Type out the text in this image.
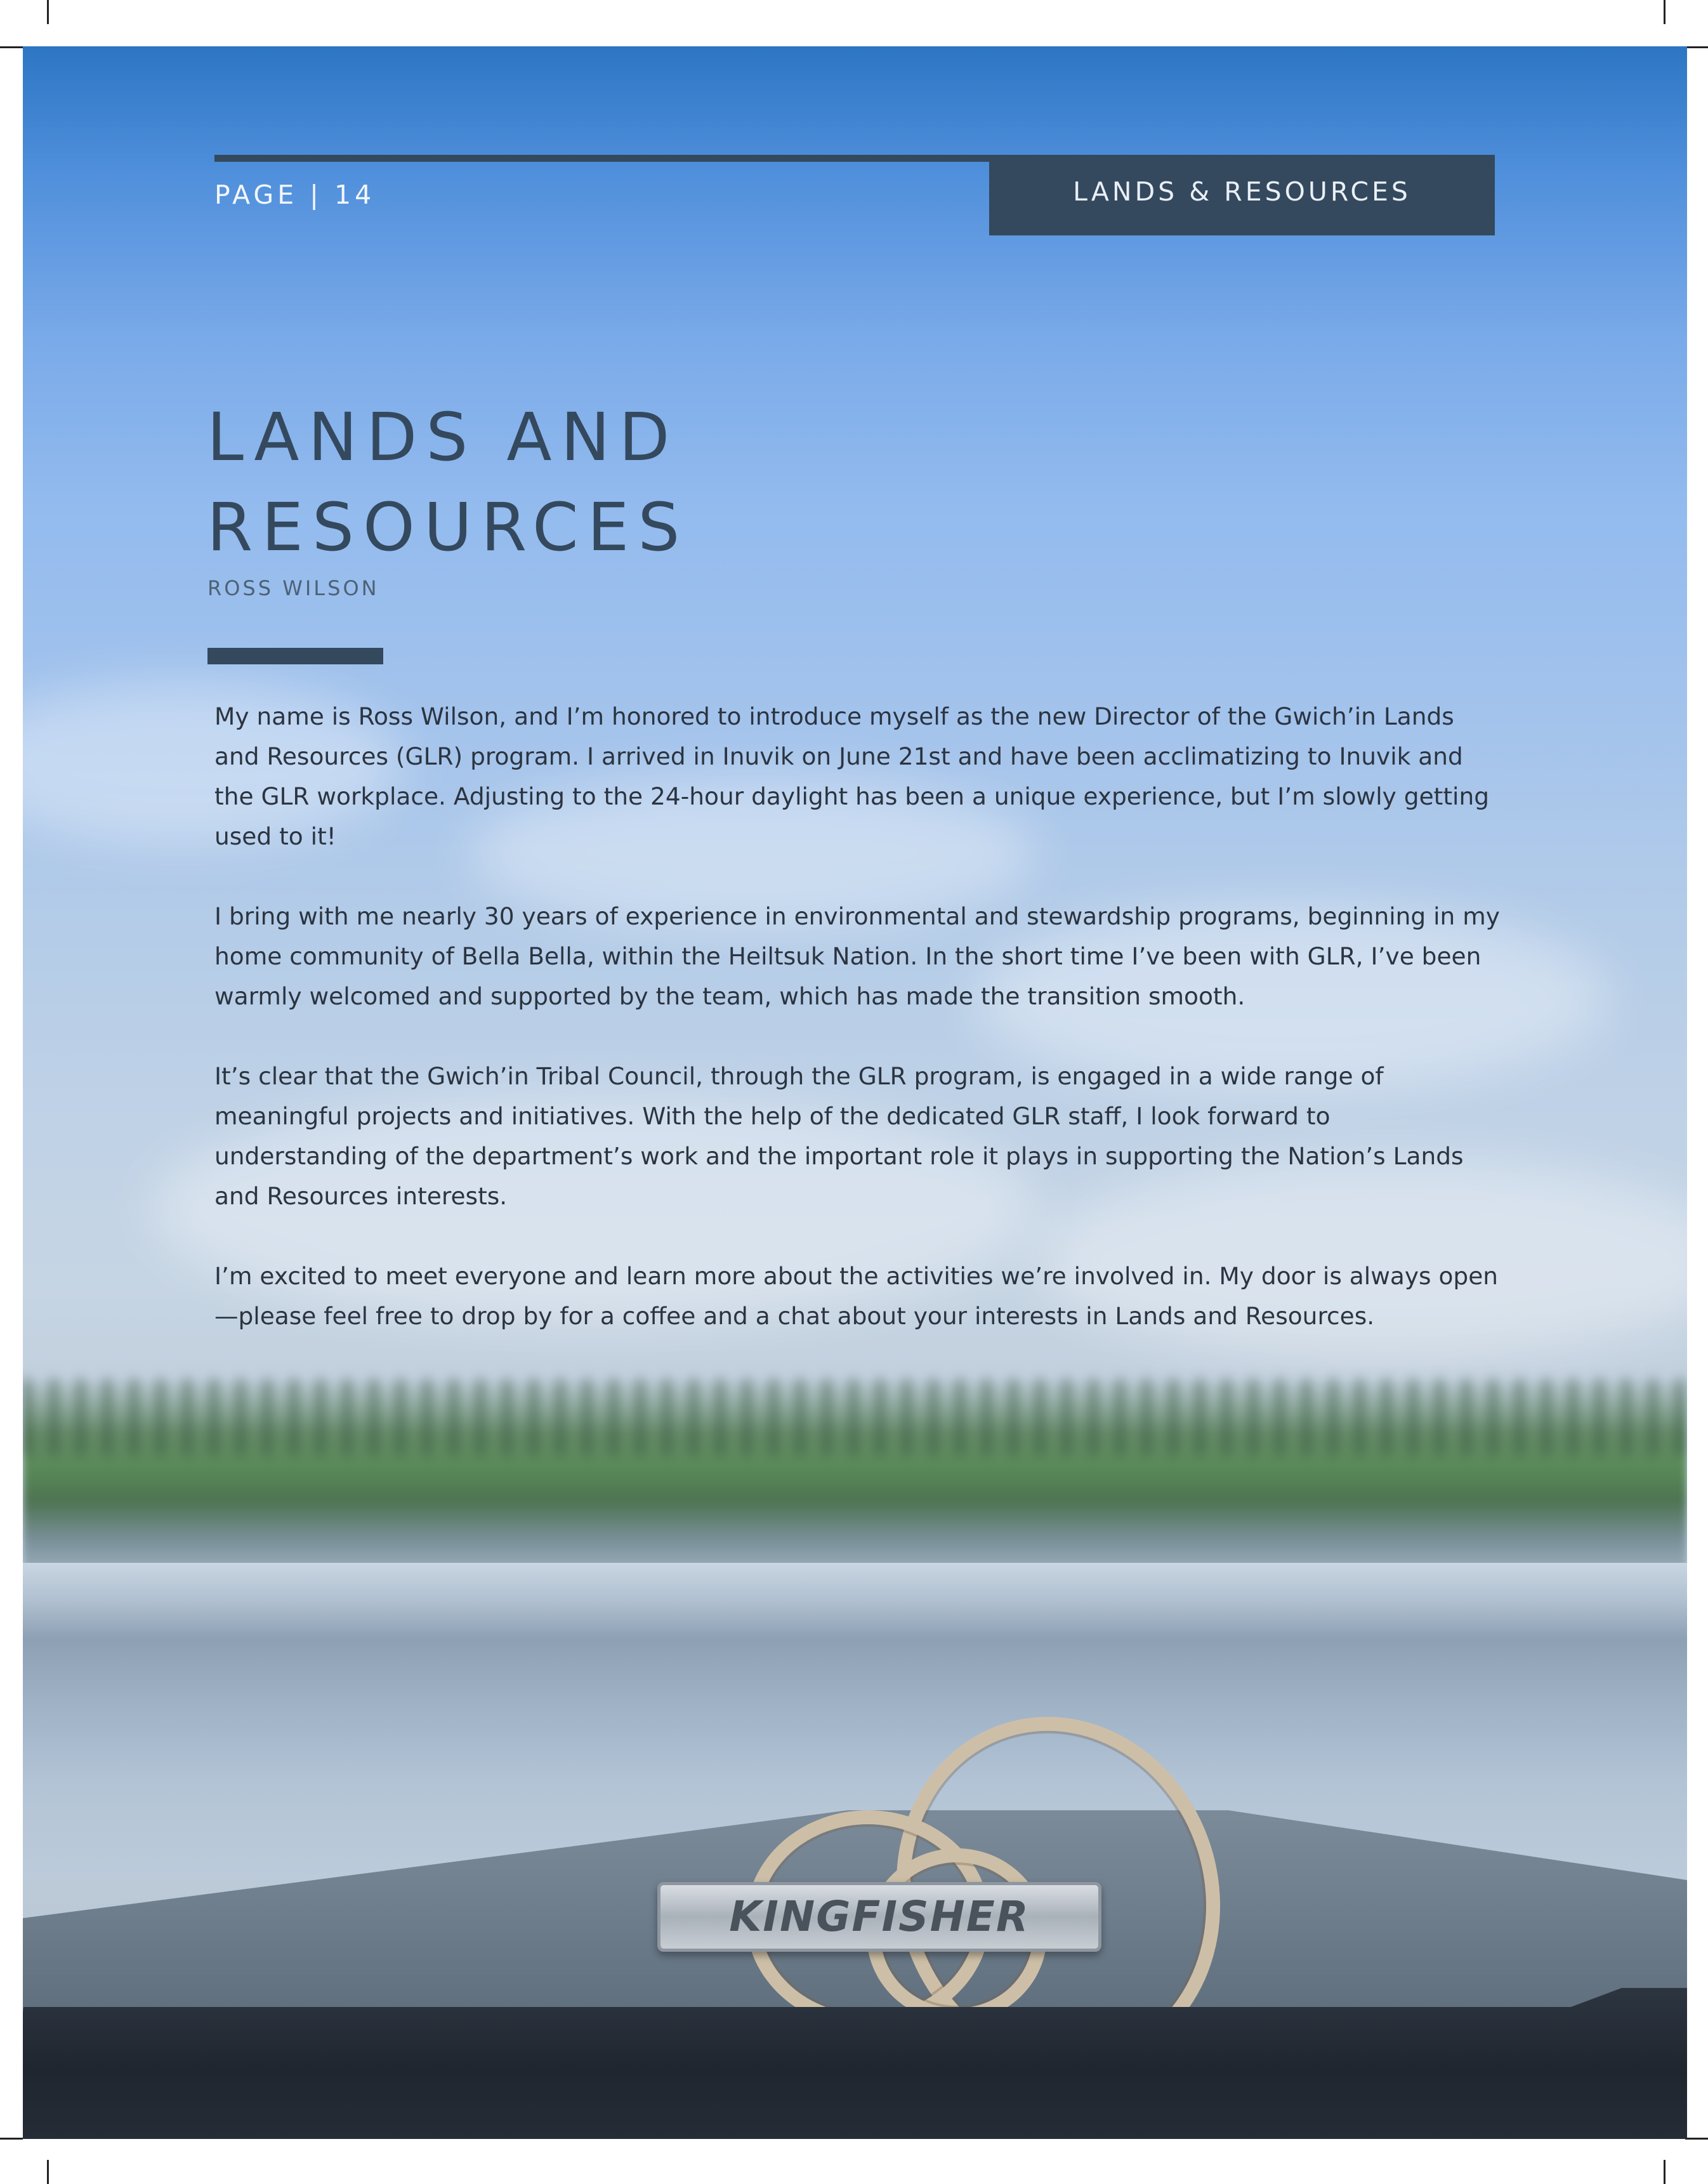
KINGFISHER
LANDS & RESOURCES
PAGE | 14
LANDS AND
RESOURCES
ROSS WILSON

My name is Ross Wilson, and I’m honored to introduce myself as the new Director of the Gwich’in Lands and Resources (GLR) program. I arrived in Inuvik on June 21st and have been acclimatizing to Inuvik and the GLR workplace. Adjusting to the 24-hour daylight has been a unique experience, but I’m slowly getting used to it!

I bring with me nearly 30 years of experience in environmental and stewardship programs, beginning in my home community of Bella Bella, within the Heiltsuk Nation. In the short time I’ve been with GLR, I’ve been warmly welcomed and supported by the team, which has made the transition smooth.

It’s clear that the Gwich’in Tribal Council, through the GLR program, is engaged in a wide range of meaningful projects and initiatives. With the help of the dedicated GLR staff, I look forward to understanding of the department’s work and the important role it plays in supporting the Nation’s Lands and Resources interests.

I’m excited to meet everyone and learn more about the activities we’re involved in. My door is always open—please feel free to drop by for a coffee and a chat about your interests in Lands and Resources.
